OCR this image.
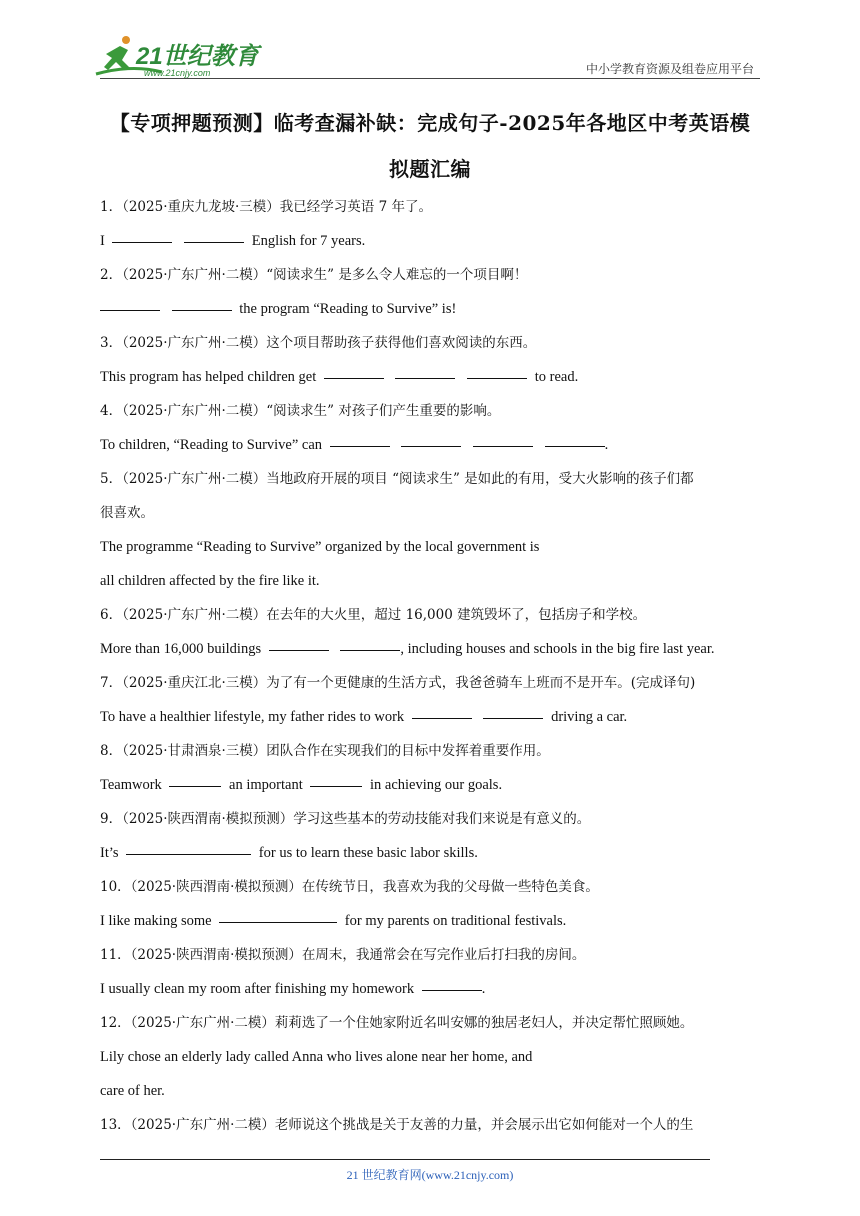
21世纪教育
www.21cnjy.com	中小学教育资源及组卷应用平台
【专项押题预测】临考查漏补缺：完成句子-2025年各地区中考英语模
拟题汇编
1．（2025·重庆九龙坡·三模）我已经学习英语 7 年了。
I	English for 7 years.
2．（2025·广东广州·二模）“阅读求生” 是多么令人难忘的一个项目啊！
the program “Reading to Survive” is!
3．（2025·广东广州·二模）这个项目帮助孩子获得他们喜欢阅读的东西。
This program has helped children get	to read.
4．（2025·广东广州·二模）“阅读求生” 对孩子们产生重要的影响。
To children, “Reading to Survive” can	.
5．（2025·广东广州·二模）当地政府开展的项目 “阅读求生” 是如此的有用，受大火影响的孩子们都
很喜欢。
The programme “Reading to Survive” organized by the local government is
all children affected by the fire like it.
6．（2025·广东广州·二模）在去年的大火里，超过 16,000 建筑毁坏了，包括房子和学校。
More than 16,000 buildings	, including houses and schools in the big fire last year.
7．（2025·重庆江北·三模）为了有一个更健康的生活方式，我爸爸骑车上班而不是开车。(完成译句)
To have a healthier lifestyle, my father rides to work	driving a car.
8．（2025·甘肃酒泉·三模）团队合作在实现我们的目标中发挥着重要作用。
Teamwork	an important	in achieving our goals.
9．（2025·陕西渭南·模拟预测）学习这些基本的劳动技能对我们来说是有意义的。
It’s	for us to learn these basic labor skills.
10．（2025·陕西渭南·模拟预测）在传统节日，我喜欢为我的父母做一些特色美食。
I like making some	for my parents on traditional festivals.
11．（2025·陕西渭南·模拟预测）在周末，我通常会在写完作业后打扫我的房间。
I usually clean my room after finishing my homework	.
12．（2025·广东广州·二模）莉莉选了一个住她家附近名叫安娜的独居老妇人，并决定帮忙照顾她。
Lily chose an elderly lady called Anna who lives alone near her home, and
care of her.
13．（2025·广东广州·二模）老师说这个挑战是关于友善的力量，并会展示出它如何能对一个人的生
21 世纪教育网(www.21cnjy.com)
